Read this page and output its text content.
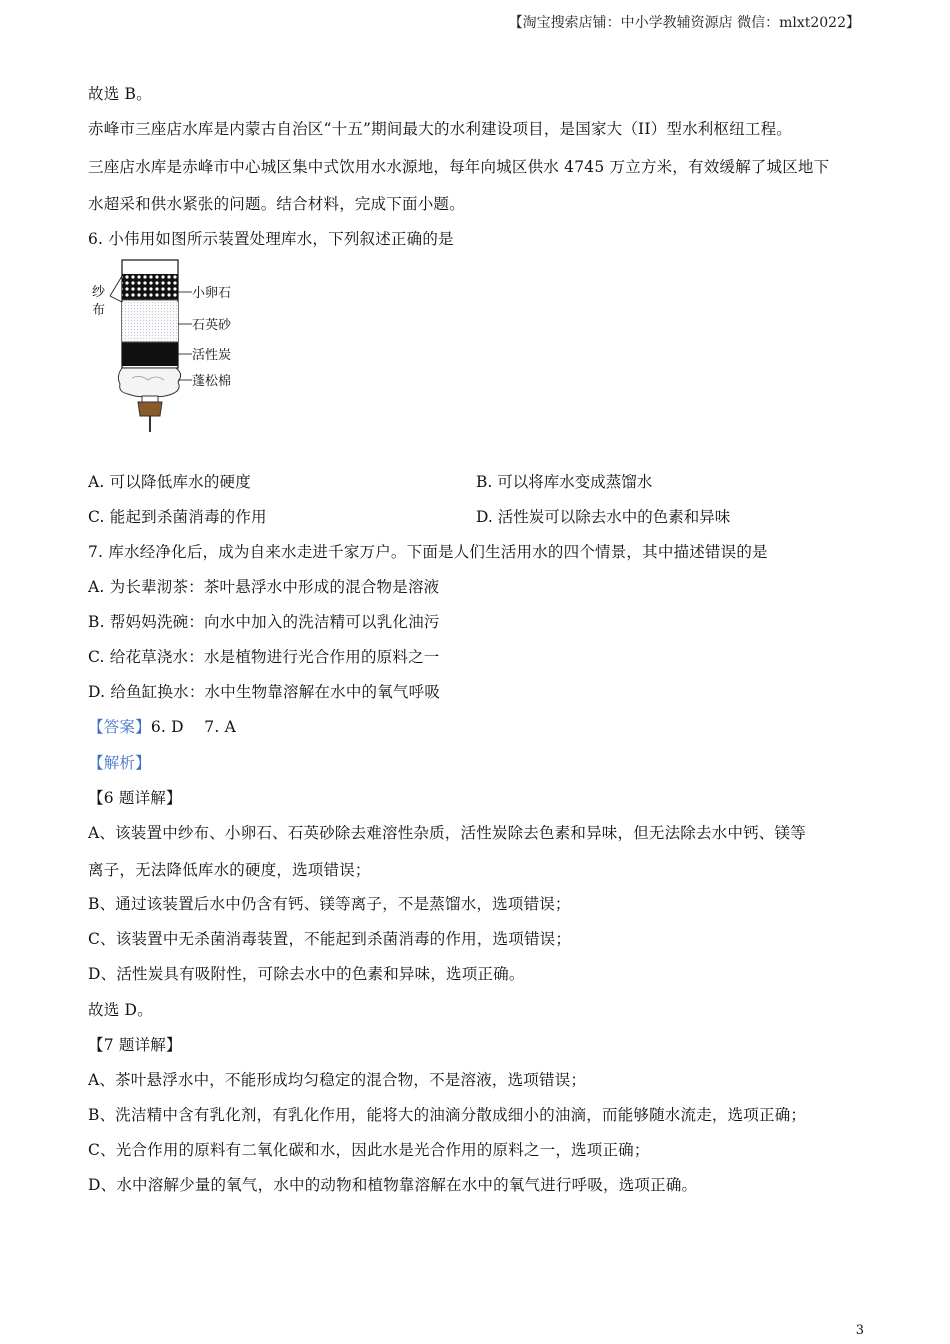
【淘宝搜索店铺：中小学教辅资源店 微信：mlxt2022】
故选 B。
赤峰市三座店水库是内蒙古自治区“十五”期间最大的水利建设项目，是国家大（II）型水利枢纽工程。
三座店水库是赤峰市中心城区集中式饮用水水源地，每年向城区供水 4745 万立方米，有效缓解了城区地下
水超采和供水紧张的问题。结合材料，完成下面小题。
6. 小伟用如图所示装置处理库水，下列叙述正确的是
纱
布
小卵石
石英砂
活性炭
蓬松棉
A. 可以降低库水的硬度	B. 可以将库水变成蒸馏水
C. 能起到杀菌消毒的作用	D. 活性炭可以除去水中的色素和异味
7. 库水经净化后，成为自来水走进千家万户。下面是人们生活用水的四个情景，其中描述错误的是
A. 为长辈沏茶：茶叶悬浮水中形成的混合物是溶液
B. 帮妈妈洗碗：向水中加入的洗洁精可以乳化油污
C. 给花草浇水：水是植物进行光合作用的原料之一
D. 给鱼缸换水：水中生物靠溶解在水中的氧气呼吸
【答案】6. D    7. A
【解析】
【6 题详解】
A、该装置中纱布、小卵石、石英砂除去难溶性杂质，活性炭除去色素和异味，但无法除去水中钙、镁等
离子，无法降低库水的硬度，选项错误；
B、通过该装置后水中仍含有钙、镁等离子，不是蒸馏水，选项错误；
C、该装置中无杀菌消毒装置，不能起到杀菌消毒的作用，选项错误；
D、活性炭具有吸附性，可除去水中的色素和异味，选项正确。
故选 D。
【7 题详解】
A、茶叶悬浮水中，不能形成均匀稳定的混合物，不是溶液，选项错误；
B、洗洁精中含有乳化剂，有乳化作用，能将大的油滴分散成细小的油滴，而能够随水流走，选项正确；
C、光合作用的原料有二氧化碳和水，因此水是光合作用的原料之一，选项正确；
D、水中溶解少量的氧气，水中的动物和植物靠溶解在水中的氧气进行呼吸，选项正确。
3
